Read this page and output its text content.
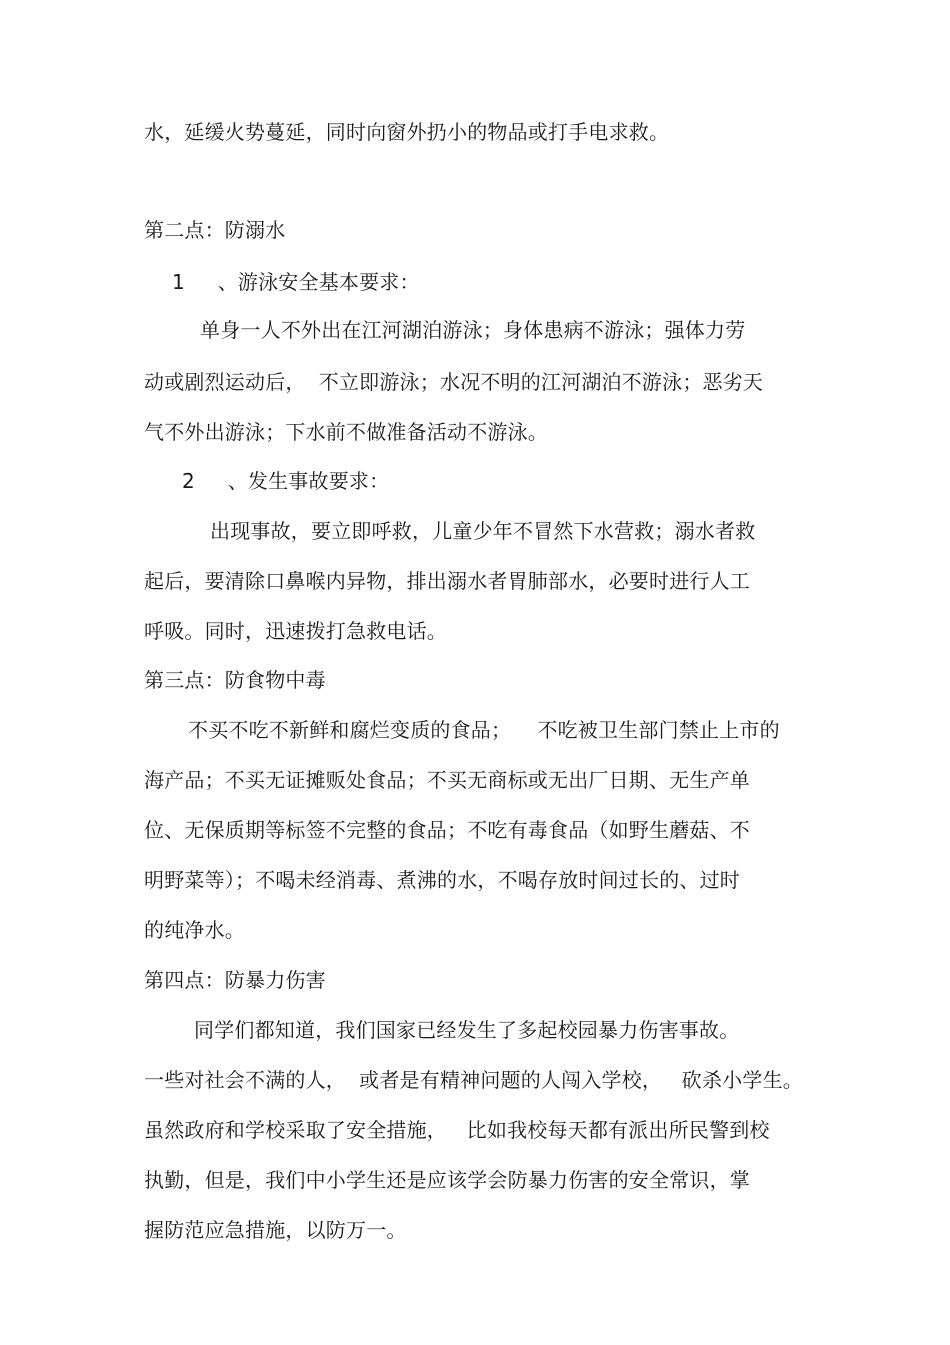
水，延缓火势蔓延，同时向窗外扔小的物品或打手电求救。
第二点：防溺水
1     、游泳安全基本要求：
单身一人不外出在江河湖泊游泳；身体患病不游泳；强体力劳
动或剧烈运动后，  不立即游泳；水况不明的江河湖泊不游泳；恶劣天
气不外出游泳；下水前不做准备活动不游泳。
2     、发生事故要求：
出现事故，要立即呼救，儿童少年不冒然下水营救；溺水者救
起后，要清除口鼻喉内异物，排出溺水者胃肺部水，必要时进行人工
呼吸。同时，迅速拨打急救电话。
第三点：防食物中毒
不买不吃不新鲜和腐烂变质的食品；    不吃被卫生部门禁止上市的
海产品；不买无证摊贩处食品；不买无商标或无出厂日期、无生产单
位、无保质期等标签不完整的食品；不吃有毒食品（如野生蘑菇、不
明野菜等）；不喝未经消毒、煮沸的水，不喝存放时间过长的、过时
的纯净水。
第四点：防暴力伤害
同学们都知道，我们国家已经发生了多起校园暴力伤害事故。
一些对社会不满的人，  或者是有精神问题的人闯入学校，   砍杀小学生。
虽然政府和学校采取了安全措施，   比如我校每天都有派出所民警到校
执勤，但是，我们中小学生还是应该学会防暴力伤害的安全常识，掌
握防范应急措施，以防万一。
